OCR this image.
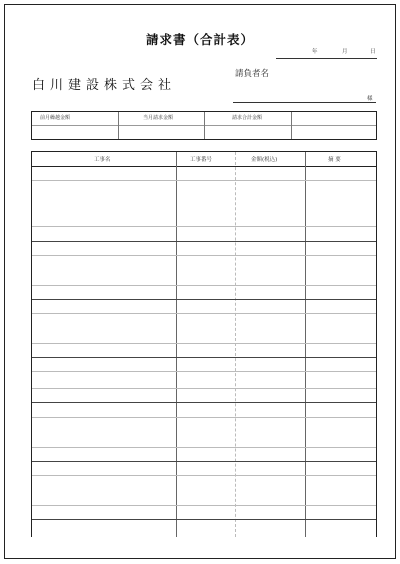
請求書（合計表）
年	月	日
白川建設株式会社
請負者名
様
前月繰越金額	当月請求金額	請求合計金額
工事名	工事番号	金額(税込)	摘 要
